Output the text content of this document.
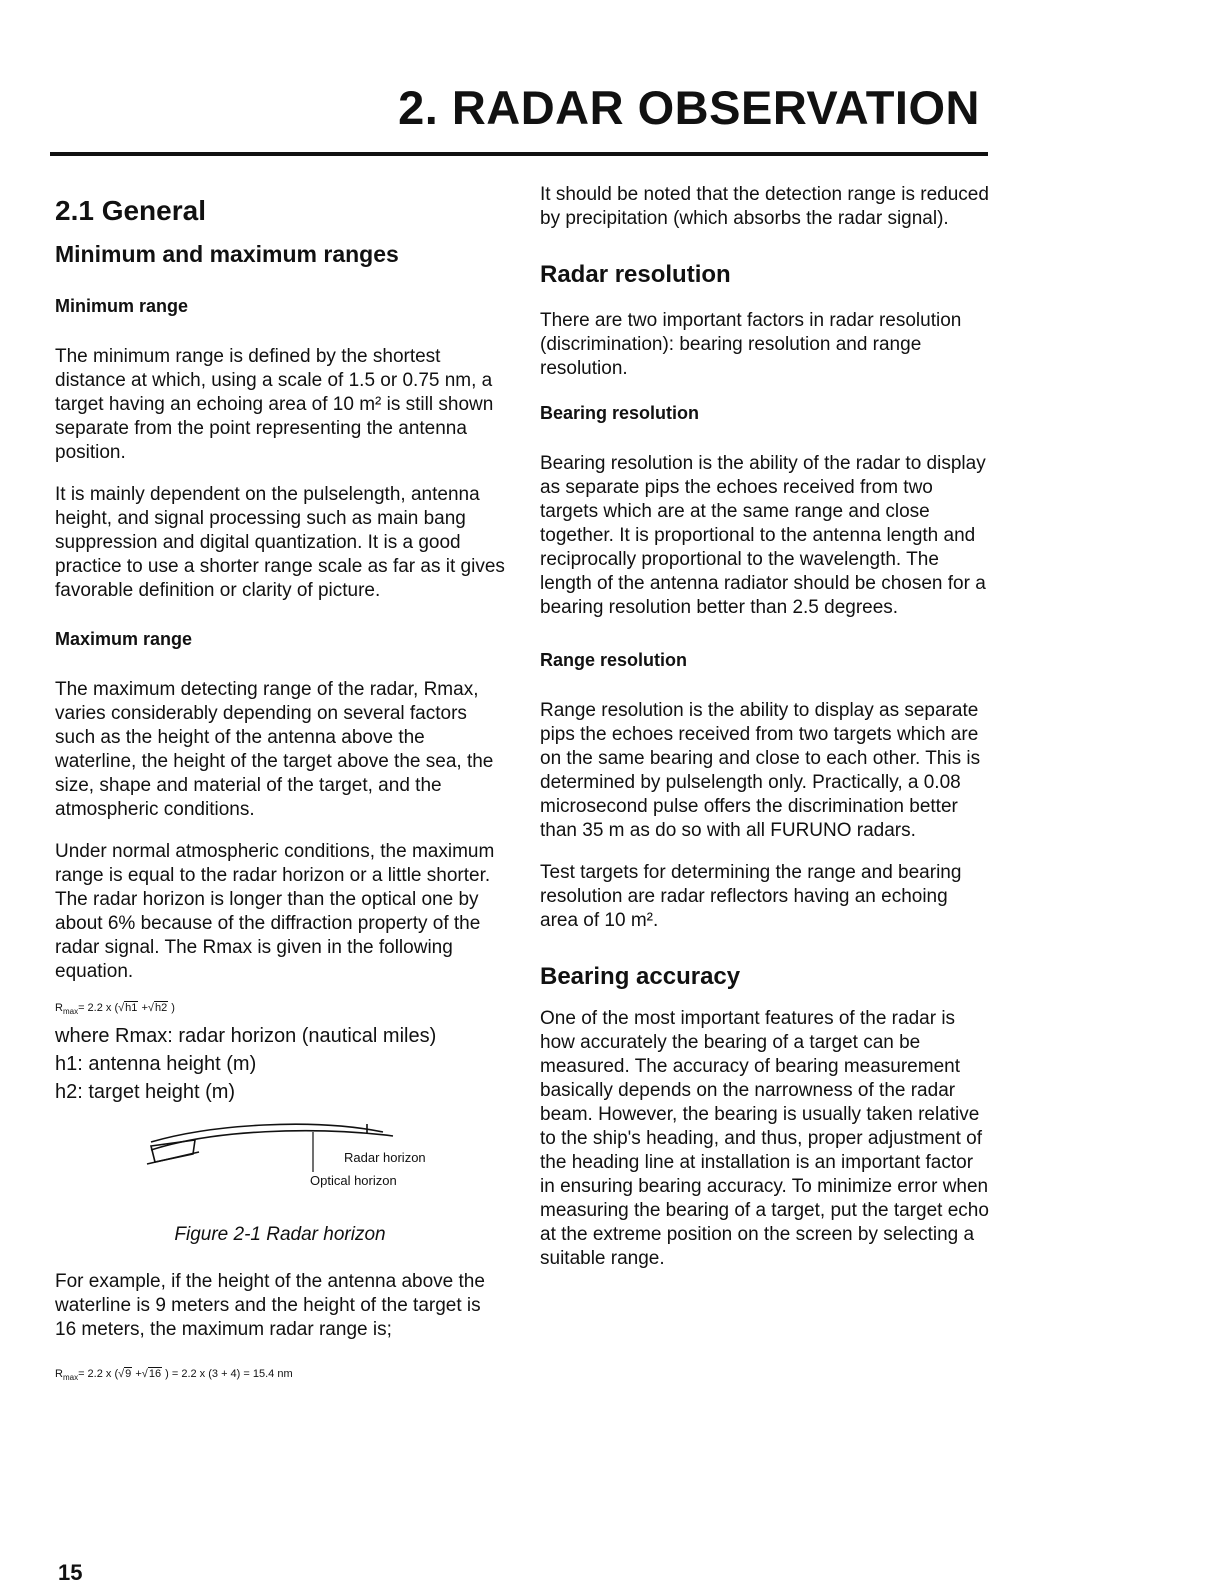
2. RADAR OBSERVATION
2.1 General
Minimum and maximum ranges
Minimum range

The minimum range is defined by the shortest distance at which, using a scale of 1.5 or 0.75 nm, a target having an echoing area of 10 m² is still shown separate from the point representing the antenna position.

It is mainly dependent on the pulselength, antenna height, and signal processing such as main bang suppression and digital quantization. It is a good practice to use a shorter range scale as far as it gives favorable definition or clarity of picture.

Maximum range

The maximum detecting range of the radar, Rmax, varies considerably depending on several factors such as the height of the antenna above the waterline, the height of the target above the sea, the size, shape and material of the target, and the atmospheric conditions.

Under normal atmospheric conditions, the maximum range is equal to the radar horizon or a little shorter. The radar horizon is longer than the optical one by about 6% because of the diffraction property of the radar signal. The Rmax is given in the following equation.

$R_{max}= 2.2$ x (√h1 +√h2 )

where Rmax: radar horizon (nautical miles)

h1: antenna height (m)

h2: target height (m)

Radar horizon
Optical horizon

Figure 2-1 Radar horizon

For example, if the height of the antenna above the waterline is 9 meters and the height of the target is 16 meters, the maximum radar range is;

$R_{max}= 2.2$ x (√9 +√16 ) = 2.2 x (3 + 4) = 15.4 nm

It should be noted that the detection range is reduced by precipitation (which absorbs the radar signal).

Radar resolution

There are two important factors in radar resolution (discrimination): bearing resolution and range resolution.

Bearing resolution

Bearing resolution is the ability of the radar to display as separate pips the echoes received from two targets which are at the same range and close together. It is proportional to the antenna length and reciprocally proportional to the wavelength. The length of the antenna radiator should be chosen for a bearing resolution better than 2.5 degrees.

Range resolution

Range resolution is the ability to display as separate pips the echoes received from two targets which are on the same bearing and close to each other. This is determined by pulselength only. Practically, a 0.08 microsecond pulse offers the discrimination better than 35 m as do so with all FURUNO radars.

Test targets for determining the range and bearing resolution are radar reflectors having an echoing area of 10 m².

Bearing accuracy

One of the most important features of the radar is how accurately the bearing of a target can be measured. The accuracy of bearing measurement basically depends on the narrowness of the radar beam. However, the bearing is usually taken relative to the ship's heading, and thus, proper adjustment of the heading line at installation is an important factor in ensuring bearing accuracy. To minimize error when measuring the bearing of a target, put the target echo at the extreme position on the screen by selecting a suitable range.

15
